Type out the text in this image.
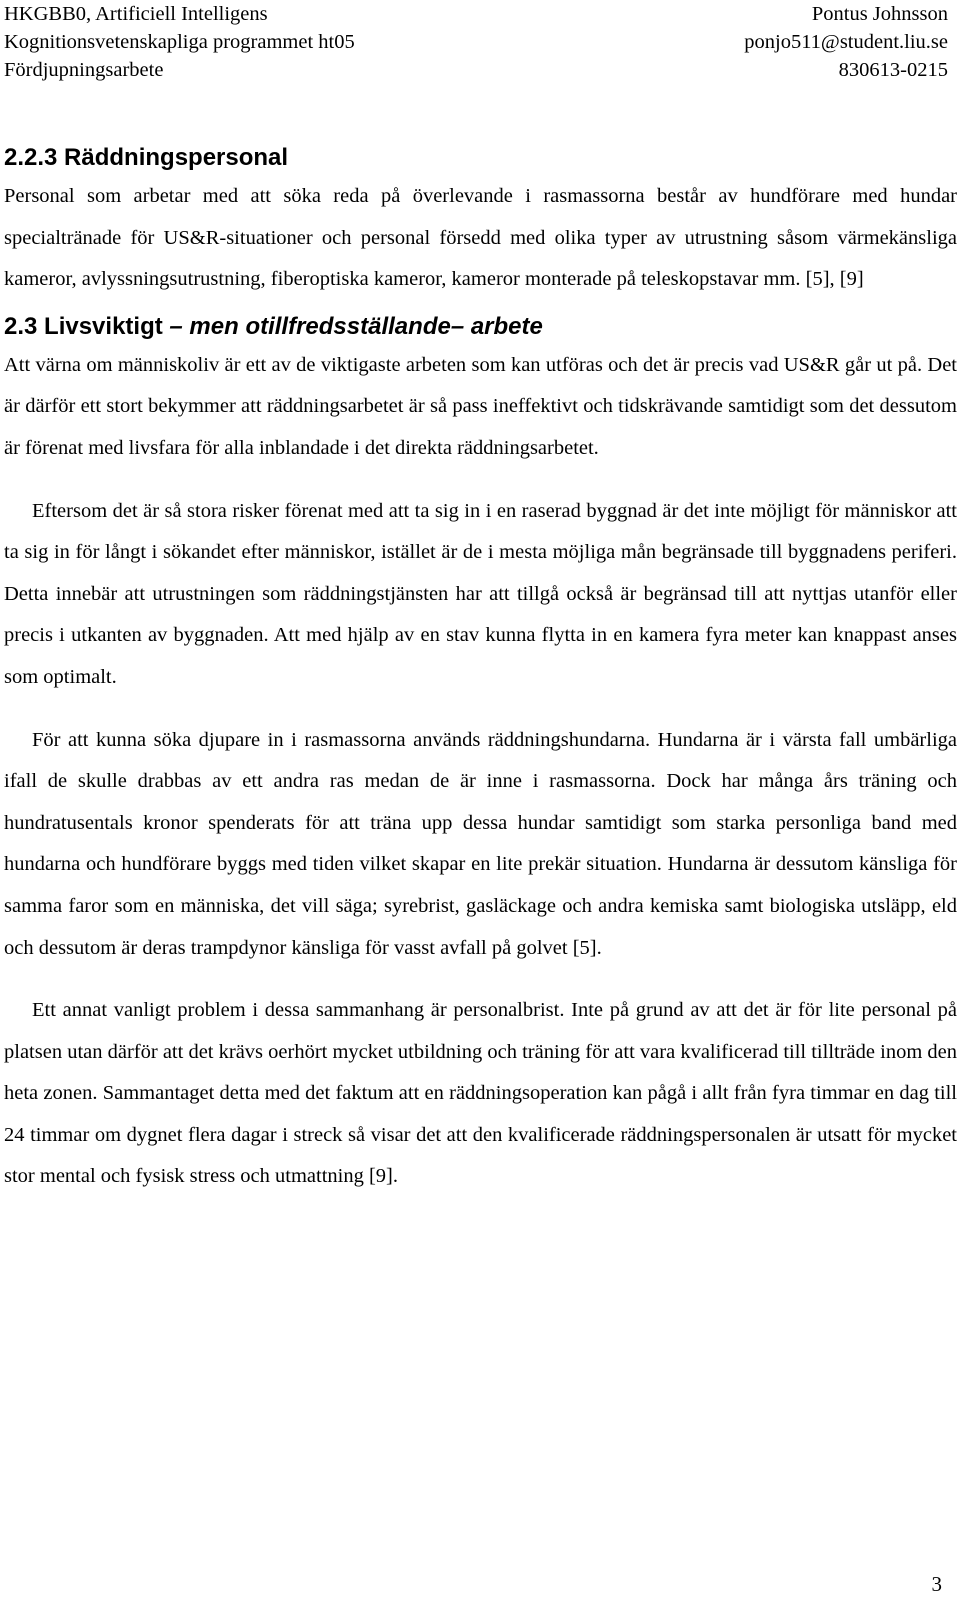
HKGBB0, Artificiell Intelligens	Pontus Johnsson
Kognitionsvetenskapliga programmet ht05	ponjo511@student.liu.se
Fördjupningsarbete	830613-0215
2.2.3 Räddningspersonal

Personal som arbetar med att söka reda på överlevande i rasmassorna består av hundförare med hundar specialtränade för US&R-situationer och personal försedd med olika typer av utrustning såsom värmekänsliga kameror, avlyssningsutrustning, fiberoptiska kameror, kameror monterade på teleskopstavar mm. [5], [9]

2.3 Livsviktigt – men otillfredsställande– arbete

Att värna om människoliv är ett av de viktigaste arbeten som kan utföras och det är precis vad US&R går ut på. Det är därför ett stort bekymmer att räddningsarbetet är så pass ineffektivt och tidskrävande samtidigt som det dessutom är förenat med livsfara för alla inblandade i det direkta räddningsarbetet.

Eftersom det är så stora risker förenat med att ta sig in i en raserad byggnad är det inte möjligt för människor att ta sig in för långt i sökandet efter människor, istället är de i mesta möjliga mån begränsade till byggnadens periferi. Detta innebär att utrustningen som räddningstjänsten har att tillgå också är begränsad till att nyttjas utanför eller precis i utkanten av byggnaden. Att med hjälp av en stav kunna flytta in en kamera fyra meter kan knappast anses som optimalt.

För att kunna söka djupare in i rasmassorna används räddningshundarna. Hundarna är i värsta fall umbärliga ifall de skulle drabbas av ett andra ras medan de är inne i rasmassorna. Dock har många års träning och hundratusentals kronor spenderats för att träna upp dessa hundar samtidigt som starka personliga band med hundarna och hundförare byggs med tiden vilket skapar en lite prekär situation. Hundarna är dessutom känsliga för samma faror som en människa, det vill säga; syrebrist, gasläckage och andra kemiska samt biologiska utsläpp, eld och dessutom är deras trampdynor känsliga för vasst avfall på golvet [5].

Ett annat vanligt problem i dessa sammanhang är personalbrist. Inte på grund av att det är för lite personal på platsen utan därför att det krävs oerhört mycket utbildning och träning för att vara kvalificerad till tillträde inom den heta zonen. Sammantaget detta med det faktum att en räddningsoperation kan pågå i allt från fyra timmar en dag till 24 timmar om dygnet flera dagar i streck så visar det att den kvalificerade räddningspersonalen är utsatt för mycket stor mental och fysisk stress och utmattning [9].

3
